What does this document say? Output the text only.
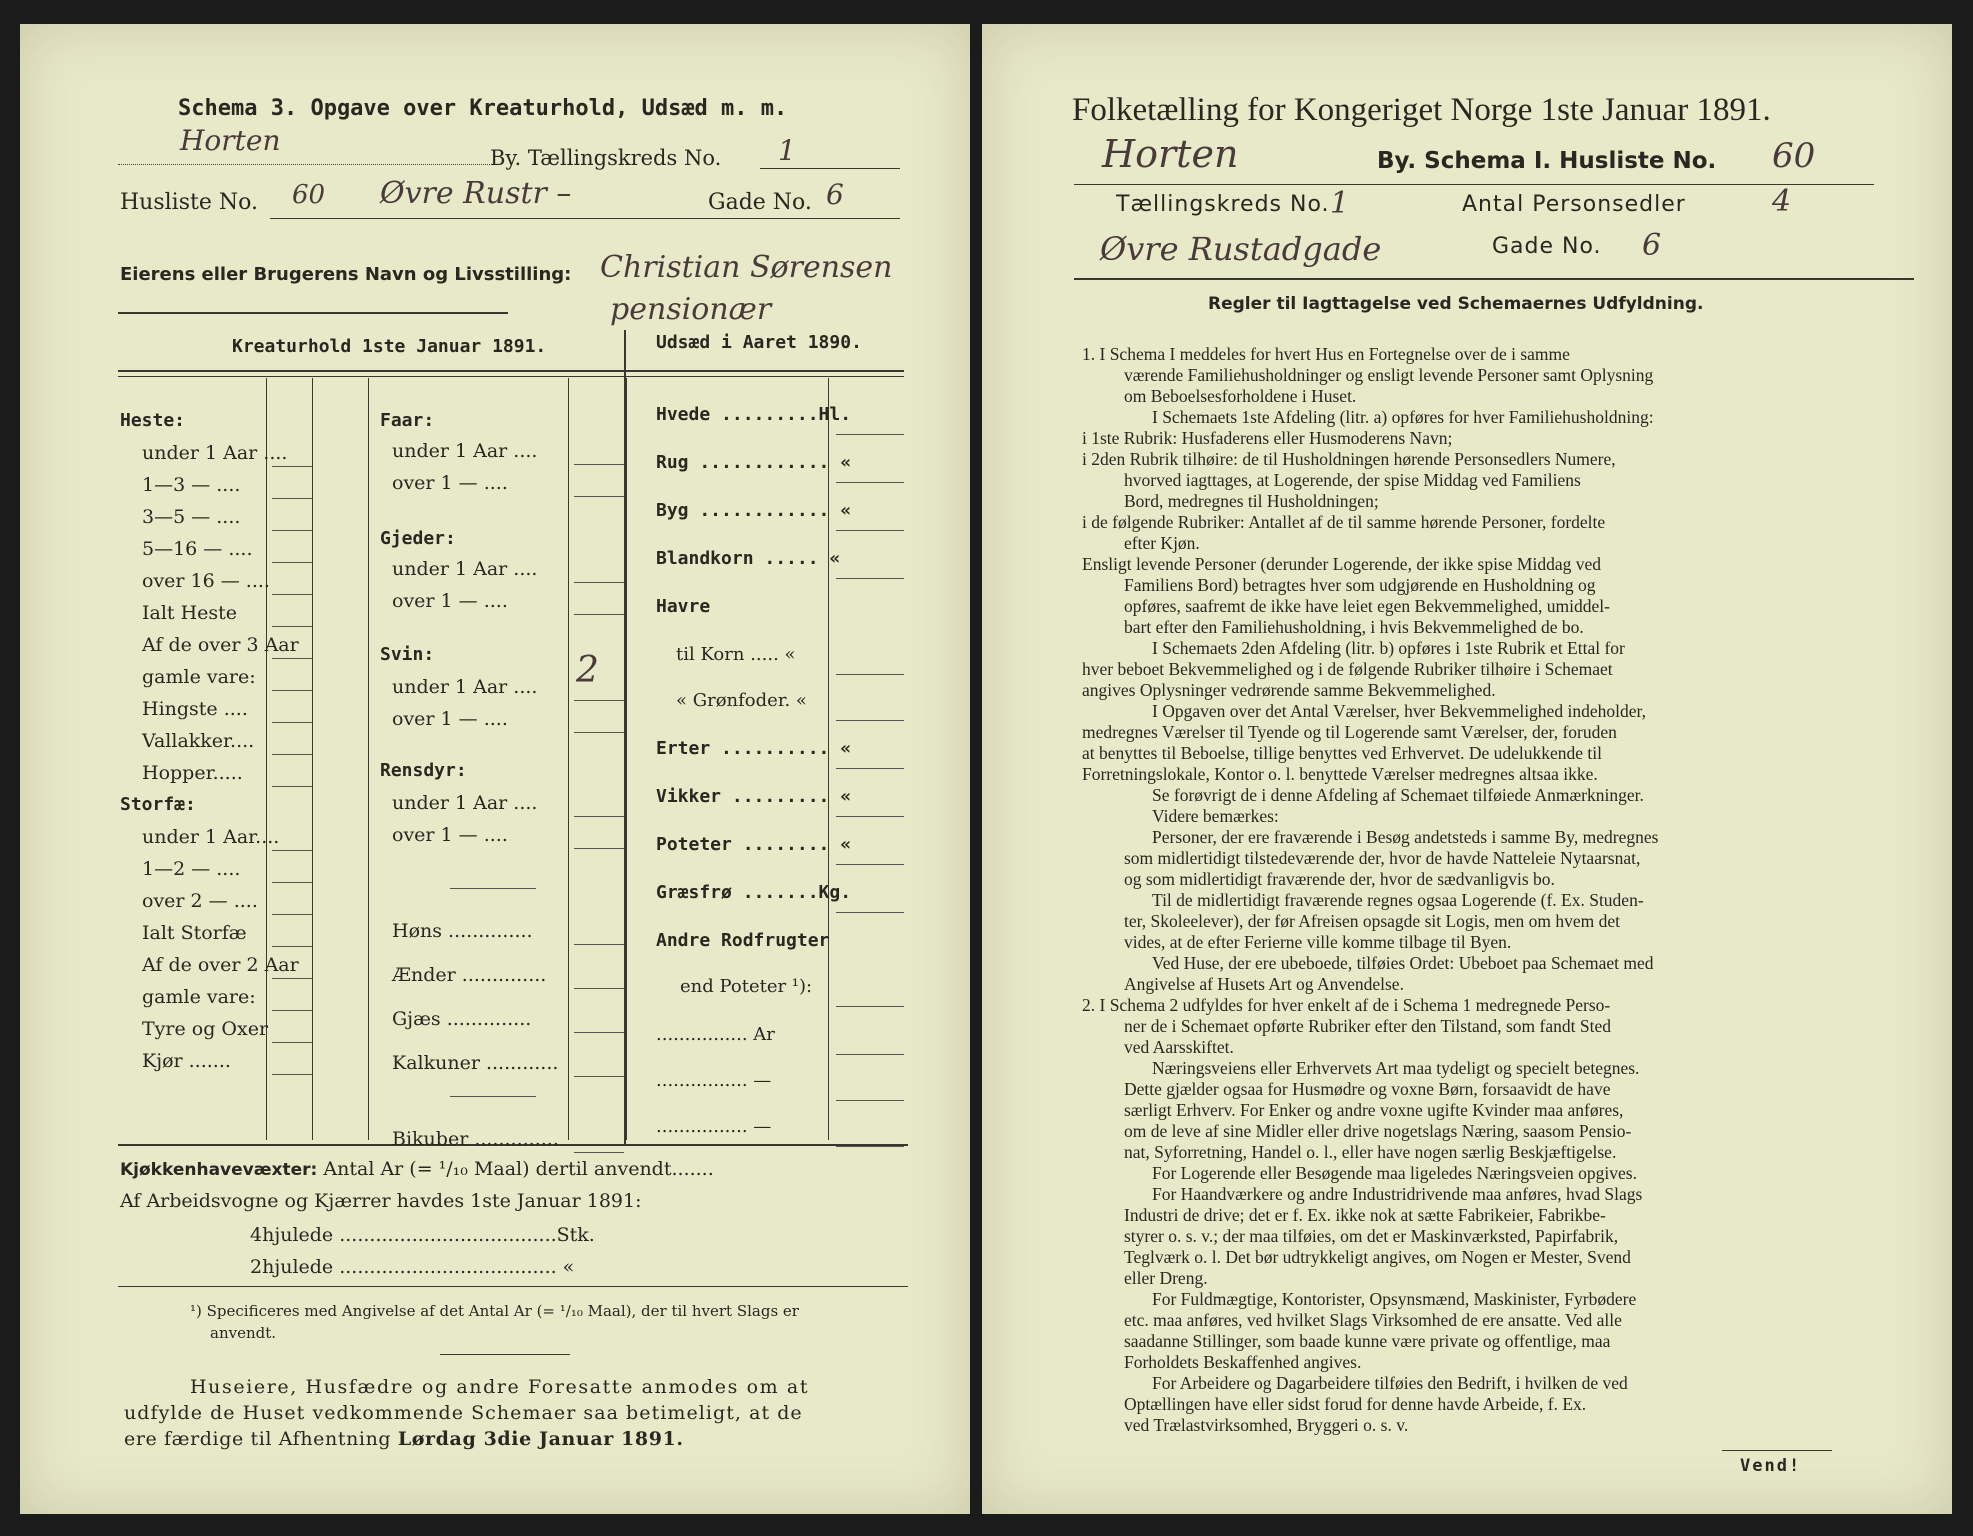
Schema 3. Opgave over Kreaturhold, Udsæd m. m.
Horten
By. Tællingskreds No. 1
Husliste No. 60 Øvre Rustr –	Gade No. 6
Eierens eller Brugerens Navn og Livsstilling: Christian Sørensen
pensionær
Kreaturhold 1ste Januar 1891.	Udsæd i Aaret 1890.
Heste:
under 1 Aar ....
1—3 — ....
3—5 — ....
5—16 — ....
over 16 — ....
Ialt Heste
Af de over 3 Aar
gamle vare:
Hingste ....
Vallakker....
Hopper.....
Storfæ:
under 1 Aar....
1—2 — ....
over 2 — ....
Ialt Storfæ
Af de over 2 Aar
gamle vare:
Tyre og Oxer
Kjør .......
Faar:
under 1 Aar ....
over 1 — ....
Gjeder:
under 1 Aar ....
over 1 — ....
Svin:
under 1 Aar ....
over 1 — ....
Rensdyr:
under 1 Aar ....
over 1 — ....
Høns ..............
Ænder ..............
Gjæs ..............
Kalkuner ............
Bikuber ..............
2
Hvede .........Hl.
Rug ............ «
Byg ............ «
Blandkorn ..... «
Havre
til Korn ..... «
« Grønfoder. «
Erter .......... «
Vikker ......... «
Poteter ........ «
Græsfrø .......Kg.
Andre Rodfrugter
end Poteter ¹):
................ Ar
................ —
................ —
Kjøkkenhavevæxter: Antal Ar (= ¹/₁₀ Maal) dertil anvendt.......
Af Arbeidsvogne og Kjærrer havdes 1ste Januar 1891:
4hjulede ....................................Stk.
2hjulede .................................... «
¹) Specificeres med Angivelse af det Antal Ar (= ¹/₁₀ Maal), der til hvert Slags er
anvendt.
Huseiere, Husfædre og andre Foresatte anmodes om at
udfylde de Huset vedkommende Schemaer saa betimeligt, at de
ere færdige til Afhentning Lørdag 3die Januar 1891.
Folketælling for Kongeriget Norge 1ste Januar 1891.
Horten	By. Schema I. Husliste No. 60
Tællingskreds No. 1	Antal Personsedler	4
Øvre Rustadgade	Gade No. 6
Regler til Iagttagelse ved Schemaernes Udfyldning.

1. I Schema I meddeles for hvert Hus en Fortegnelse over de i samme

værende Familiehusholdninger og ensligt levende Personer samt Oplysning

om Beboelsesforholdene i Huset.

I Schemaets 1ste Afdeling (litr. a) opføres for hver Familiehusholdning:

i 1ste Rubrik: Husfaderens eller Husmoderens Navn;

i 2den Rubrik tilhøire: de til Husholdningen hørende Personsedlers Numere,

hvorved iagttages, at Logerende, der spise Middag ved Familiens

Bord, medregnes til Husholdningen;

i de følgende Rubriker: Antallet af de til samme hørende Personer, fordelte

efter Kjøn.

Ensligt levende Personer (derunder Logerende, der ikke spise Middag ved

Familiens Bord) betragtes hver som udgjørende en Husholdning og

opføres, saafremt de ikke have leiet egen Bekvemmelighed, umiddel-

bart efter den Familiehusholdning, i hvis Bekvemmelighed de bo.

I Schemaets 2den Afdeling (litr. b) opføres i 1ste Rubrik et Ettal for

hver beboet Bekvemmelighed og i de følgende Rubriker tilhøire i Schemaet

angives Oplysninger vedrørende samme Bekvemmelighed.

I Opgaven over det Antal Værelser, hver Bekvemmelighed indeholder,

medregnes Værelser til Tyende og til Logerende samt Værelser, der, foruden

at benyttes til Beboelse, tillige benyttes ved Erhvervet. De udelukkende til

Forretningslokale, Kontor o. l. benyttede Værelser medregnes altsaa ikke.

Se forøvrigt de i denne Afdeling af Schemaet tilføiede Anmærkninger.

Videre bemærkes:

Personer, der ere fraværende i Besøg andetsteds i samme By, medregnes

som midlertidigt tilstedeværende der, hvor de havde Natteleie Nytaarsnat,

og som midlertidigt fraværende der, hvor de sædvanligvis bo.

Til de midlertidigt fraværende regnes ogsaa Logerende (f. Ex. Studen-

ter, Skoleelever), der før Afreisen opsagde sit Logis, men om hvem det

vides, at de efter Ferierne ville komme tilbage til Byen.

Ved Huse, der ere ubeboede, tilføies Ordet: Ubeboet paa Schemaet med

Angivelse af Husets Art og Anvendelse.

2. I Schema 2 udfyldes for hver enkelt af de i Schema 1 medregnede Perso-

ner de i Schemaet opførte Rubriker efter den Tilstand, som fandt Sted

ved Aarsskiftet.

Næringsveiens eller Erhvervets Art maa tydeligt og specielt betegnes.

Dette gjælder ogsaa for Husmødre og voxne Børn, forsaavidt de have

særligt Erhverv. For Enker og andre voxne ugifte Kvinder maa anføres,

om de leve af sine Midler eller drive nogetslags Næring, saasom Pensio-

nat, Syforretning, Handel o. l., eller have nogen særlig Beskjæftigelse.

For Logerende eller Besøgende maa ligeledes Næringsveien opgives.

For Haandværkere og andre Industridrivende maa anføres, hvad Slags

Industri de drive; det er f. Ex. ikke nok at sætte Fabrikeier, Fabrikbe-

styrer o. s. v.; der maa tilføies, om det er Maskinværksted, Papirfabrik,

Teglværk o. l. Det bør udtrykkeligt angives, om Nogen er Mester, Svend

eller Dreng.

For Fuldmægtige, Kontorister, Opsynsmænd, Maskinister, Fyrbødere

etc. maa anføres, ved hvilket Slags Virksomhed de ere ansatte. Ved alle

saadanne Stillinger, som baade kunne være private og offentlige, maa

Forholdets Beskaffenhed angives.

For Arbeidere og Dagarbeidere tilføies den Bedrift, i hvilken de ved

Optællingen have eller sidst forud for denne havde Arbeide, f. Ex.

ved Trælastvirksomhed, Bryggeri o. s. v.

Vend!
